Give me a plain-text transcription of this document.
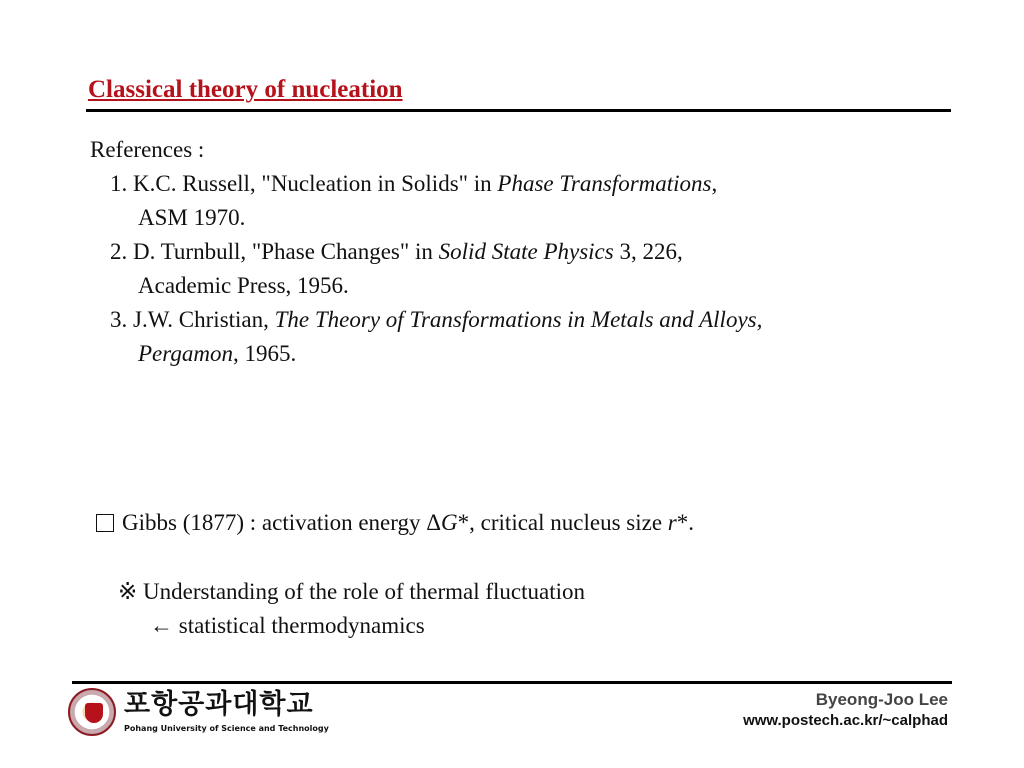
Classical theory of nucleation
References :
1. K.C. Russell, "Nucleation in Solids" in Phase Transformations,
ASM 1970.
2. D. Turnbull, "Phase Changes" in Solid State Physics 3, 226,
Academic Press, 1956.
3. J.W. Christian, The Theory of Transformations in Metals and Alloys,
Pergamon, 1965.
Gibbs (1877) : activation energy ΔG*, critical nucleus size r*.
※ Understanding of the role of thermal fluctuation
← statistical thermodynamics
포항공과대학교
Pohang University of Science and Technology
Byeong-Joo Lee
www.postech.ac.kr/~calphad
